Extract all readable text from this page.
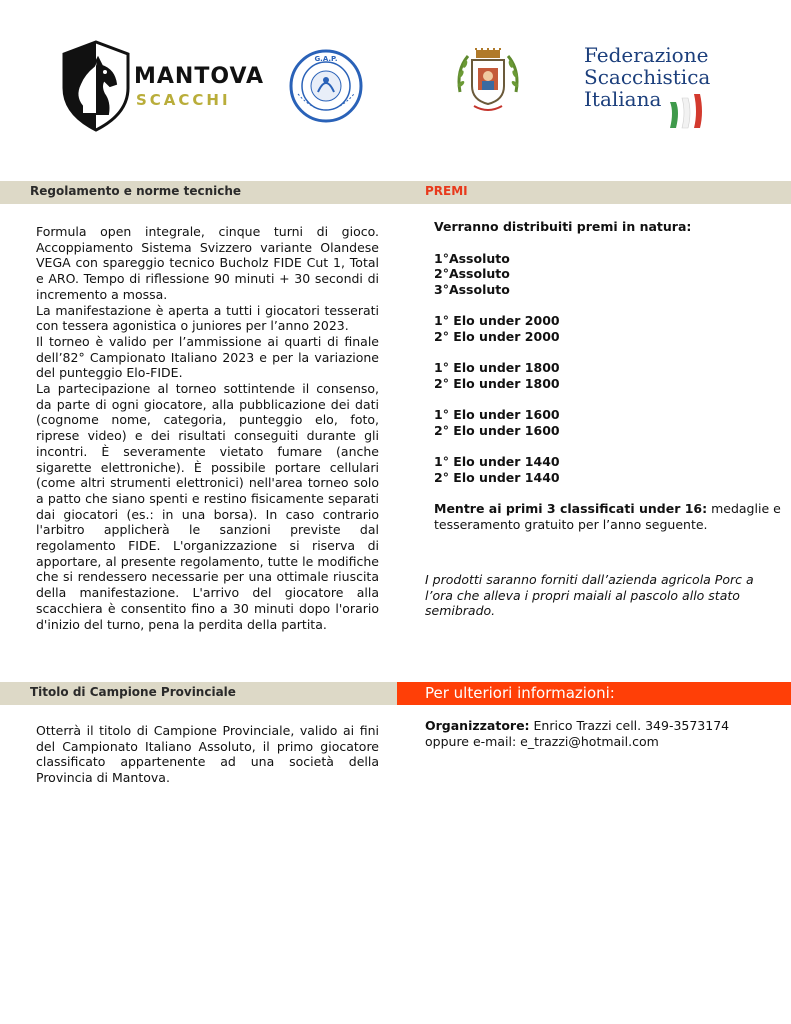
MANTOVA
SCACCHI
G.A.P.	Federazione
Scacchistica
Italiana
Regolamento e norme tecniche	PREMI

Formula open integrale, cinque turni di gioco. Accoppiamento Sistema Svizzero variante Olandese VEGA con spareggio tecnico Bucholz FIDE Cut 1, Total e ARO. Tempo di riflessione 90 minuti + 30 secondi di incremento a mossa.

La manifestazione è aperta a tutti i giocatori tesserati con tessera agonistica o juniores per l’anno 2023.

Il torneo è valido per l’ammissione ai quarti di finale dell’82° Campionato Italiano 2023 e per la variazione del punteggio Elo-FIDE.

La partecipazione al torneo sottintende il consenso, da parte di ogni giocatore, alla pubblicazione dei dati (cognome nome, categoria, punteggio elo, foto, riprese video) e dei risultati conseguiti durante gli incontri. È severamente vietato fumare (anche sigarette elettroniche). È possibile portare cellulari (come altri strumenti elettronici) nell'area torneo solo a patto che siano spenti e restino fisicamente separati dai giocatori (es.: in una borsa). In caso contrario l'arbitro applicherà le sanzioni previste dal regolamento FIDE. L'organizzazione si riserva di apportare, al presente regolamento, tutte le modifiche che si rendessero necessarie per una ottimale riuscita della manifestazione. L'arrivo del giocatore alla scacchiera è consentito fino a 30 minuti dopo l'orario d'inizio del turno, pena la perdita della partita.

Verranno distribuiti premi in natura:
1°Assoluto
2°Assoluto
3°Assoluto
1° Elo under 2000
2° Elo under 2000
1° Elo under 1800
2° Elo under 1800
1° Elo under 1600
2° Elo under 1600
1° Elo under 1440
2° Elo under 1440
Mentre ai primi 3 classificati under 16: medaglie e tesseramento gratuito per l’anno seguente.
I prodotti saranno forniti dall’azienda agricola Porc a l’ora che alleva i propri maiali al pascolo allo stato semibrado.
Titolo di Campione Provinciale	Per ulteriori informazioni:

Otterrà il titolo di Campione Provinciale, valido ai fini del Campionato Italiano Assoluto, il primo giocatore classificato appartenente ad una società della Provincia di Mantova.

Organizzatore: Enrico Trazzi cell. 349-3573174
oppure e-mail: e_trazzi@hotmail.com
